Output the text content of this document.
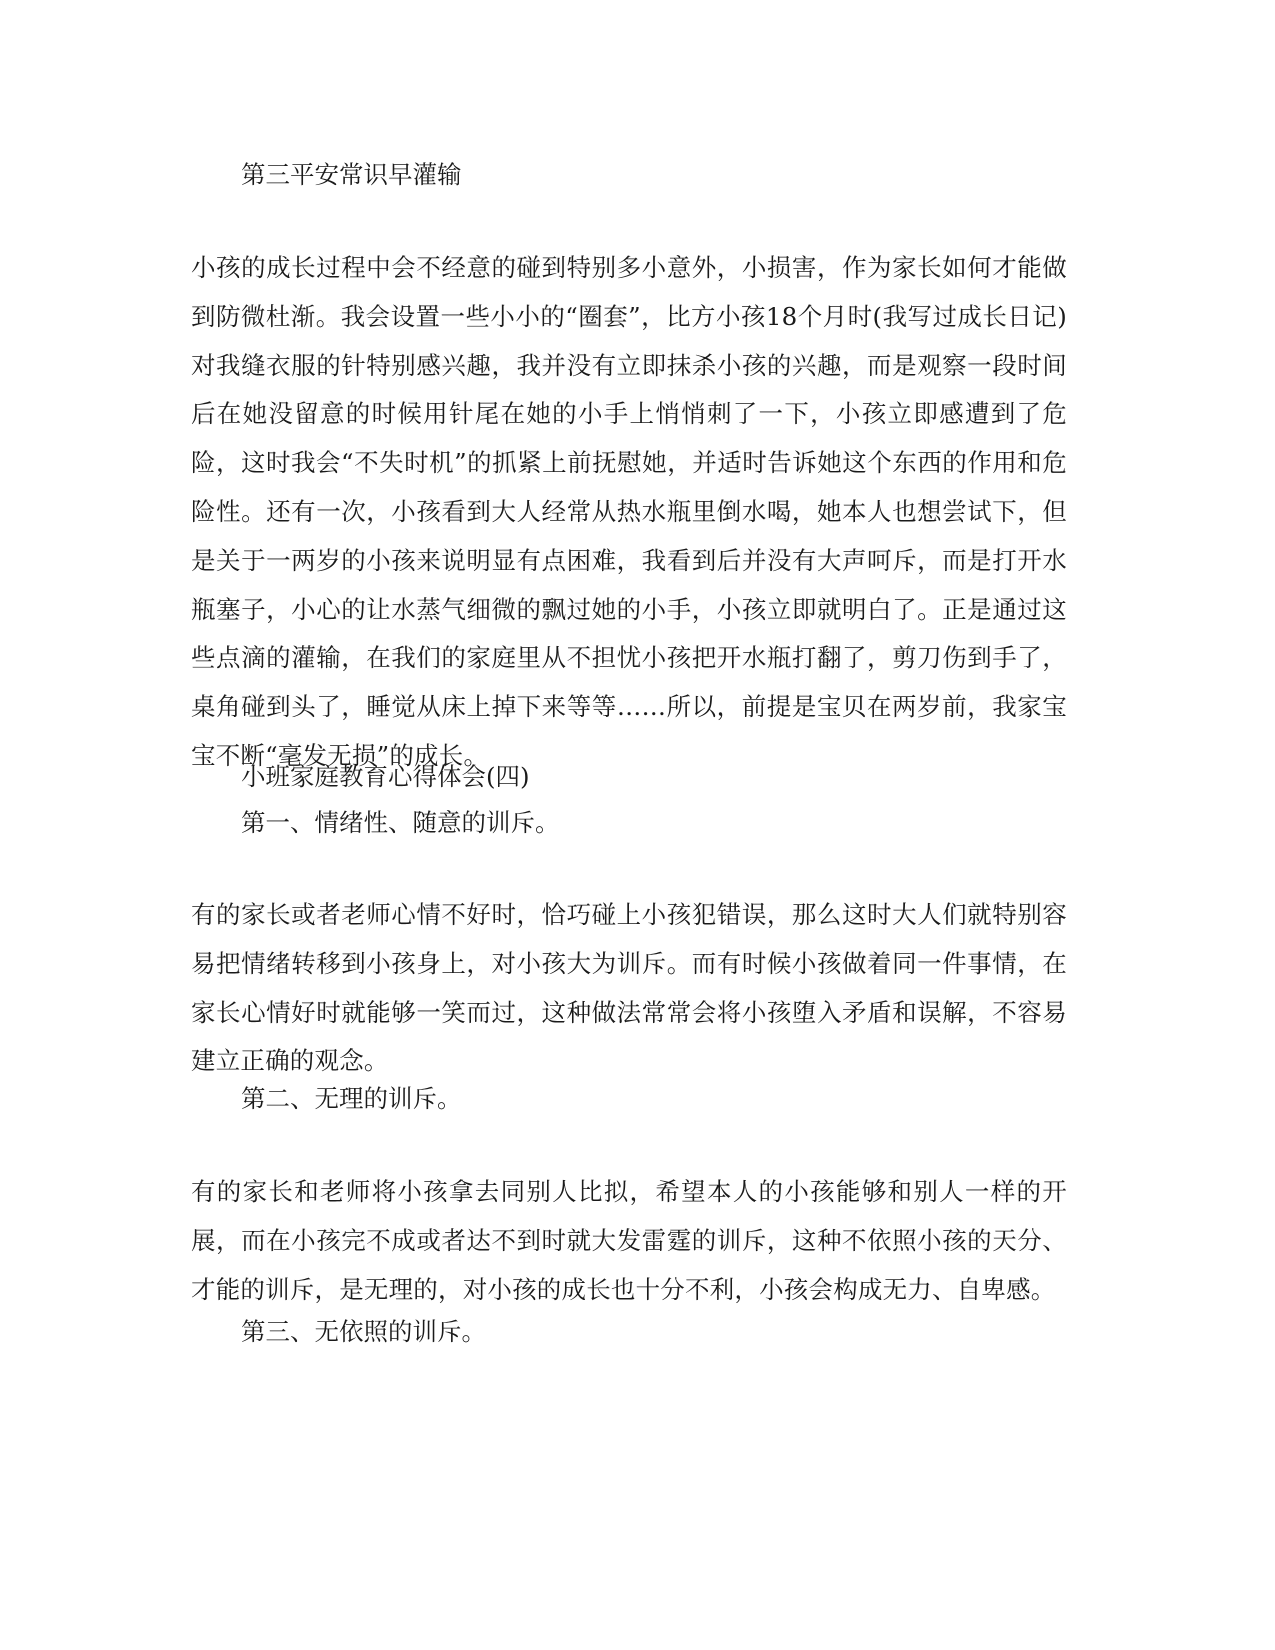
第三平安常识早灌输
小孩的成长过程中会不经意的碰到特别多小意外，小损害，作为家长如何才能做到防微杜渐。我会设置一些小小的“圈套”，比方小孩18个月时(我写过成长日记)对我缝衣服的针特别感兴趣，我并没有立即抹杀小孩的兴趣，而是观察一段时间后在她没留意的时候用针尾在她的小手上悄悄刺了一下，小孩立即感遭到了危险，这时我会“不失时机”的抓紧上前抚慰她，并适时告诉她这个东西的作用和危险性。还有一次，小孩看到大人经常从热水瓶里倒水喝，她本人也想尝试下，但是关于一两岁的小孩来说明显有点困难，我看到后并没有大声呵斥，而是打开水瓶塞子，小心的让水蒸气细微的飘过她的小手，小孩立即就明白了。正是通过这些点滴的灌输，在我们的家庭里从不担忧小孩把开水瓶打翻了，剪刀伤到手了，桌角碰到头了，睡觉从床上掉下来等等……所以，前提是宝贝在两岁前，我家宝宝不断“毫发无损”的成长。
小班家庭教育心得体会(四)
第一、情绪性、随意的训斥。
有的家长或者老师心情不好时，恰巧碰上小孩犯错误，那么这时大人们就特别容易把情绪转移到小孩身上，对小孩大为训斥。而有时候小孩做着同一件事情，在家长心情好时就能够一笑而过，这种做法常常会将小孩堕入矛盾和误解，不容易建立正确的观念。
第二、无理的训斥。
有的家长和老师将小孩拿去同别人比拟，希望本人的小孩能够和别人一样的开展，而在小孩完不成或者达不到时就大发雷霆的训斥，这种不依照小孩的天分、才能的训斥，是无理的，对小孩的成长也十分不利，小孩会构成无力、自卑感。
第三、无依照的训斥。
